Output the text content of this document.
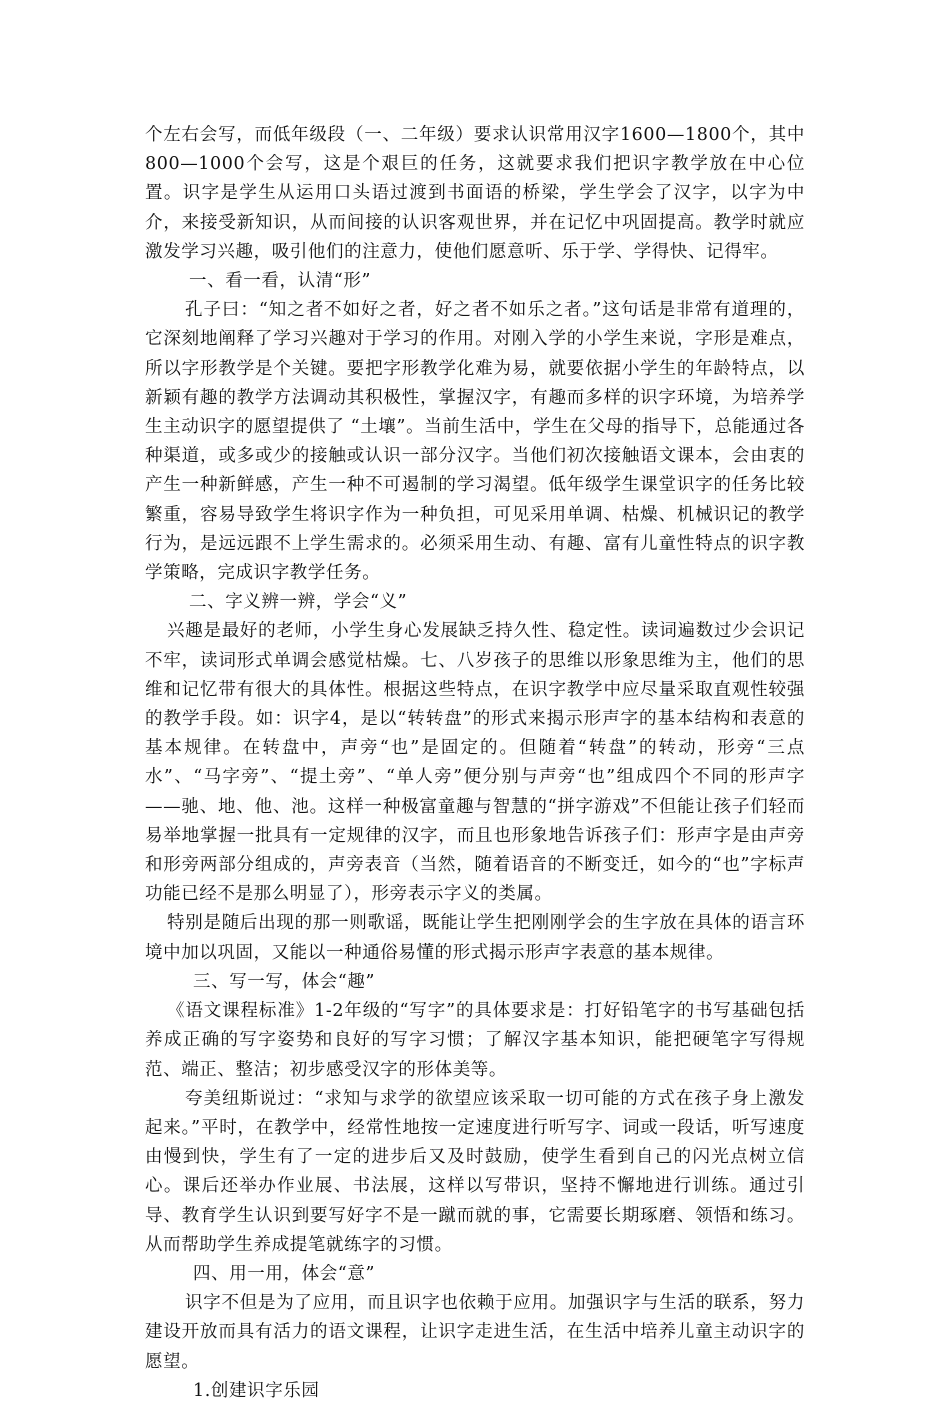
个左右会写，而低年级段（一、二年级）要求认识常用汉字1600—1800个，其中800—1000个会写，这是个艰巨的任务，这就要求我们把识字教学放在中心位置。识字是学生从运用口头语过渡到书面语的桥梁，学生学会了汉字，以字为中介，来接受新知识，从而间接的认识客观世界，并在记忆中巩固提高。教学时就应激发学习兴趣，吸引他们的注意力，使他们愿意听、乐于学、学得快、记得牢。

一、看一看，认清“形”

孔子曰：“知之者不如好之者，好之者不如乐之者。”这句话是非常有道理的，它深刻地阐释了学习兴趣对于学习的作用。对刚入学的小学生来说，字形是难点，所以字形教学是个关键。要把字形教学化难为易，就要依据小学生的年龄特点，以新颖有趣的教学方法调动其积极性，掌握汉字，有趣而多样的识字环境，为培养学生主动识字的愿望提供了 “土壤”。当前生活中，学生在父母的指导下，总能通过各种渠道，或多或少的接触或认识一部分汉字。当他们初次接触语文课本，会由衷的产生一种新鲜感，产生一种不可遏制的学习渴望。低年级学生课堂识字的任务比较繁重，容易导致学生将识字作为一种负担，可见采用单调、枯燥、机械识记的教学行为，是远远跟不上学生需求的。必须采用生动、有趣、富有儿童性特点的识字教学策略，完成识字教学任务。

二、字义辨一辨，学会“义”

兴趣是最好的老师，小学生身心发展缺乏持久性、稳定性。读词遍数过少会识记不牢，读词形式单调会感觉枯燥。七、八岁孩子的思维以形象思维为主，他们的思维和记忆带有很大的具体性。根据这些特点，在识字教学中应尽量采取直观性较强的教学手段。如：识字4，是以“转转盘”的形式来揭示形声字的基本结构和表意的基本规律。在转盘中，声旁“也”是固定的。但随着“转盘”的转动，形旁“三点水”、“马字旁”、“提土旁”、“单人旁”便分别与声旁“也”组成四个不同的形声字——驰、地、他、池。这样一种极富童趣与智慧的“拼字游戏”不但能让孩子们轻而易举地掌握一批具有一定规律的汉字，而且也形象地告诉孩子们：形声字是由声旁和形旁两部分组成的，声旁表音（当然，随着语音的不断变迁，如今的“也”字标声功能已经不是那么明显了），形旁表示字义的类属。

特别是随后出现的那一则歌谣，既能让学生把刚刚学会的生字放在具体的语言环境中加以巩固，又能以一种通俗易懂的形式揭示形声字表意的基本规律。

三、写一写，体会“趣”

《语文课程标准》1-2年级的“写字”的具体要求是：打好铅笔字的书写基础包括养成正确的写字姿势和良好的写字习惯；了解汉字基本知识，能把硬笔字写得规范、端正、整洁；初步感受汉字的形体美等。

夸美纽斯说过：“求知与求学的欲望应该采取一切可能的方式在孩子身上激发起来。”平时，在教学中，经常性地按一定速度进行听写字、词或一段话，听写速度由慢到快，学生有了一定的进步后又及时鼓励，使学生看到自己的闪光点树立信心。课后还举办作业展、书法展，这样以写带识，坚持不懈地进行训练。通过引导、教育学生认识到要写好字不是一蹴而就的事，它需要长期琢磨、领悟和练习。从而帮助学生养成提笔就练字的习惯。

四、用一用，体会“意”

识字不但是为了应用，而且识字也依赖于应用。加强识字与生活的联系，努力建设开放而具有活力的语文课程，让识字走进生活，在生活中培养儿童主动识字的愿望。

1.创建识字乐园
